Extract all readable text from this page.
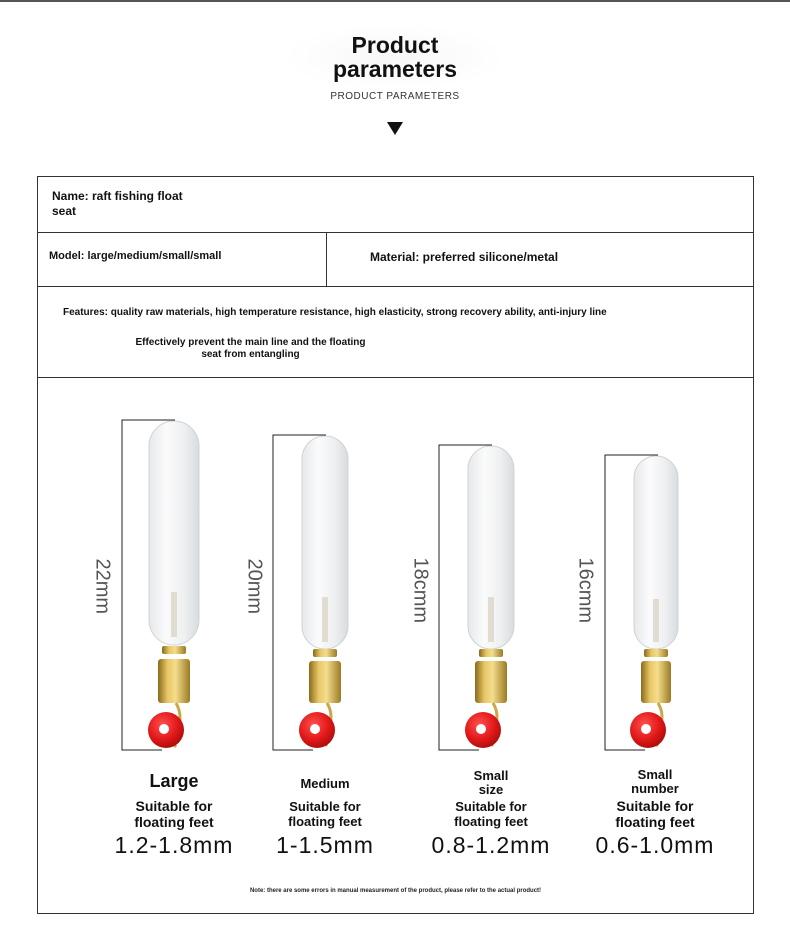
Product
parameters
PRODUCT PARAMETERS
Name: raft fishing float
seat
Model: large/medium/small/small	Material: preferred silicone/metal
Features: quality raw materials, high temperature resistance, high elasticity, strong recovery ability, anti-injury line
Effectively prevent the main line and the floating
seat from entangling
22mm	20mm	18cmm	16cmm
Large
Suitable for
floating feet
1.2-1.8mm
Medium
Suitable for
floating feet
1-1.5mm
Small
size
Suitable for
floating feet
0.8-1.2mm
Small
number
Suitable for
floating feet
0.6-1.0mm
Note: there are some errors in manual measurement of the product, please refer to the actual product!
